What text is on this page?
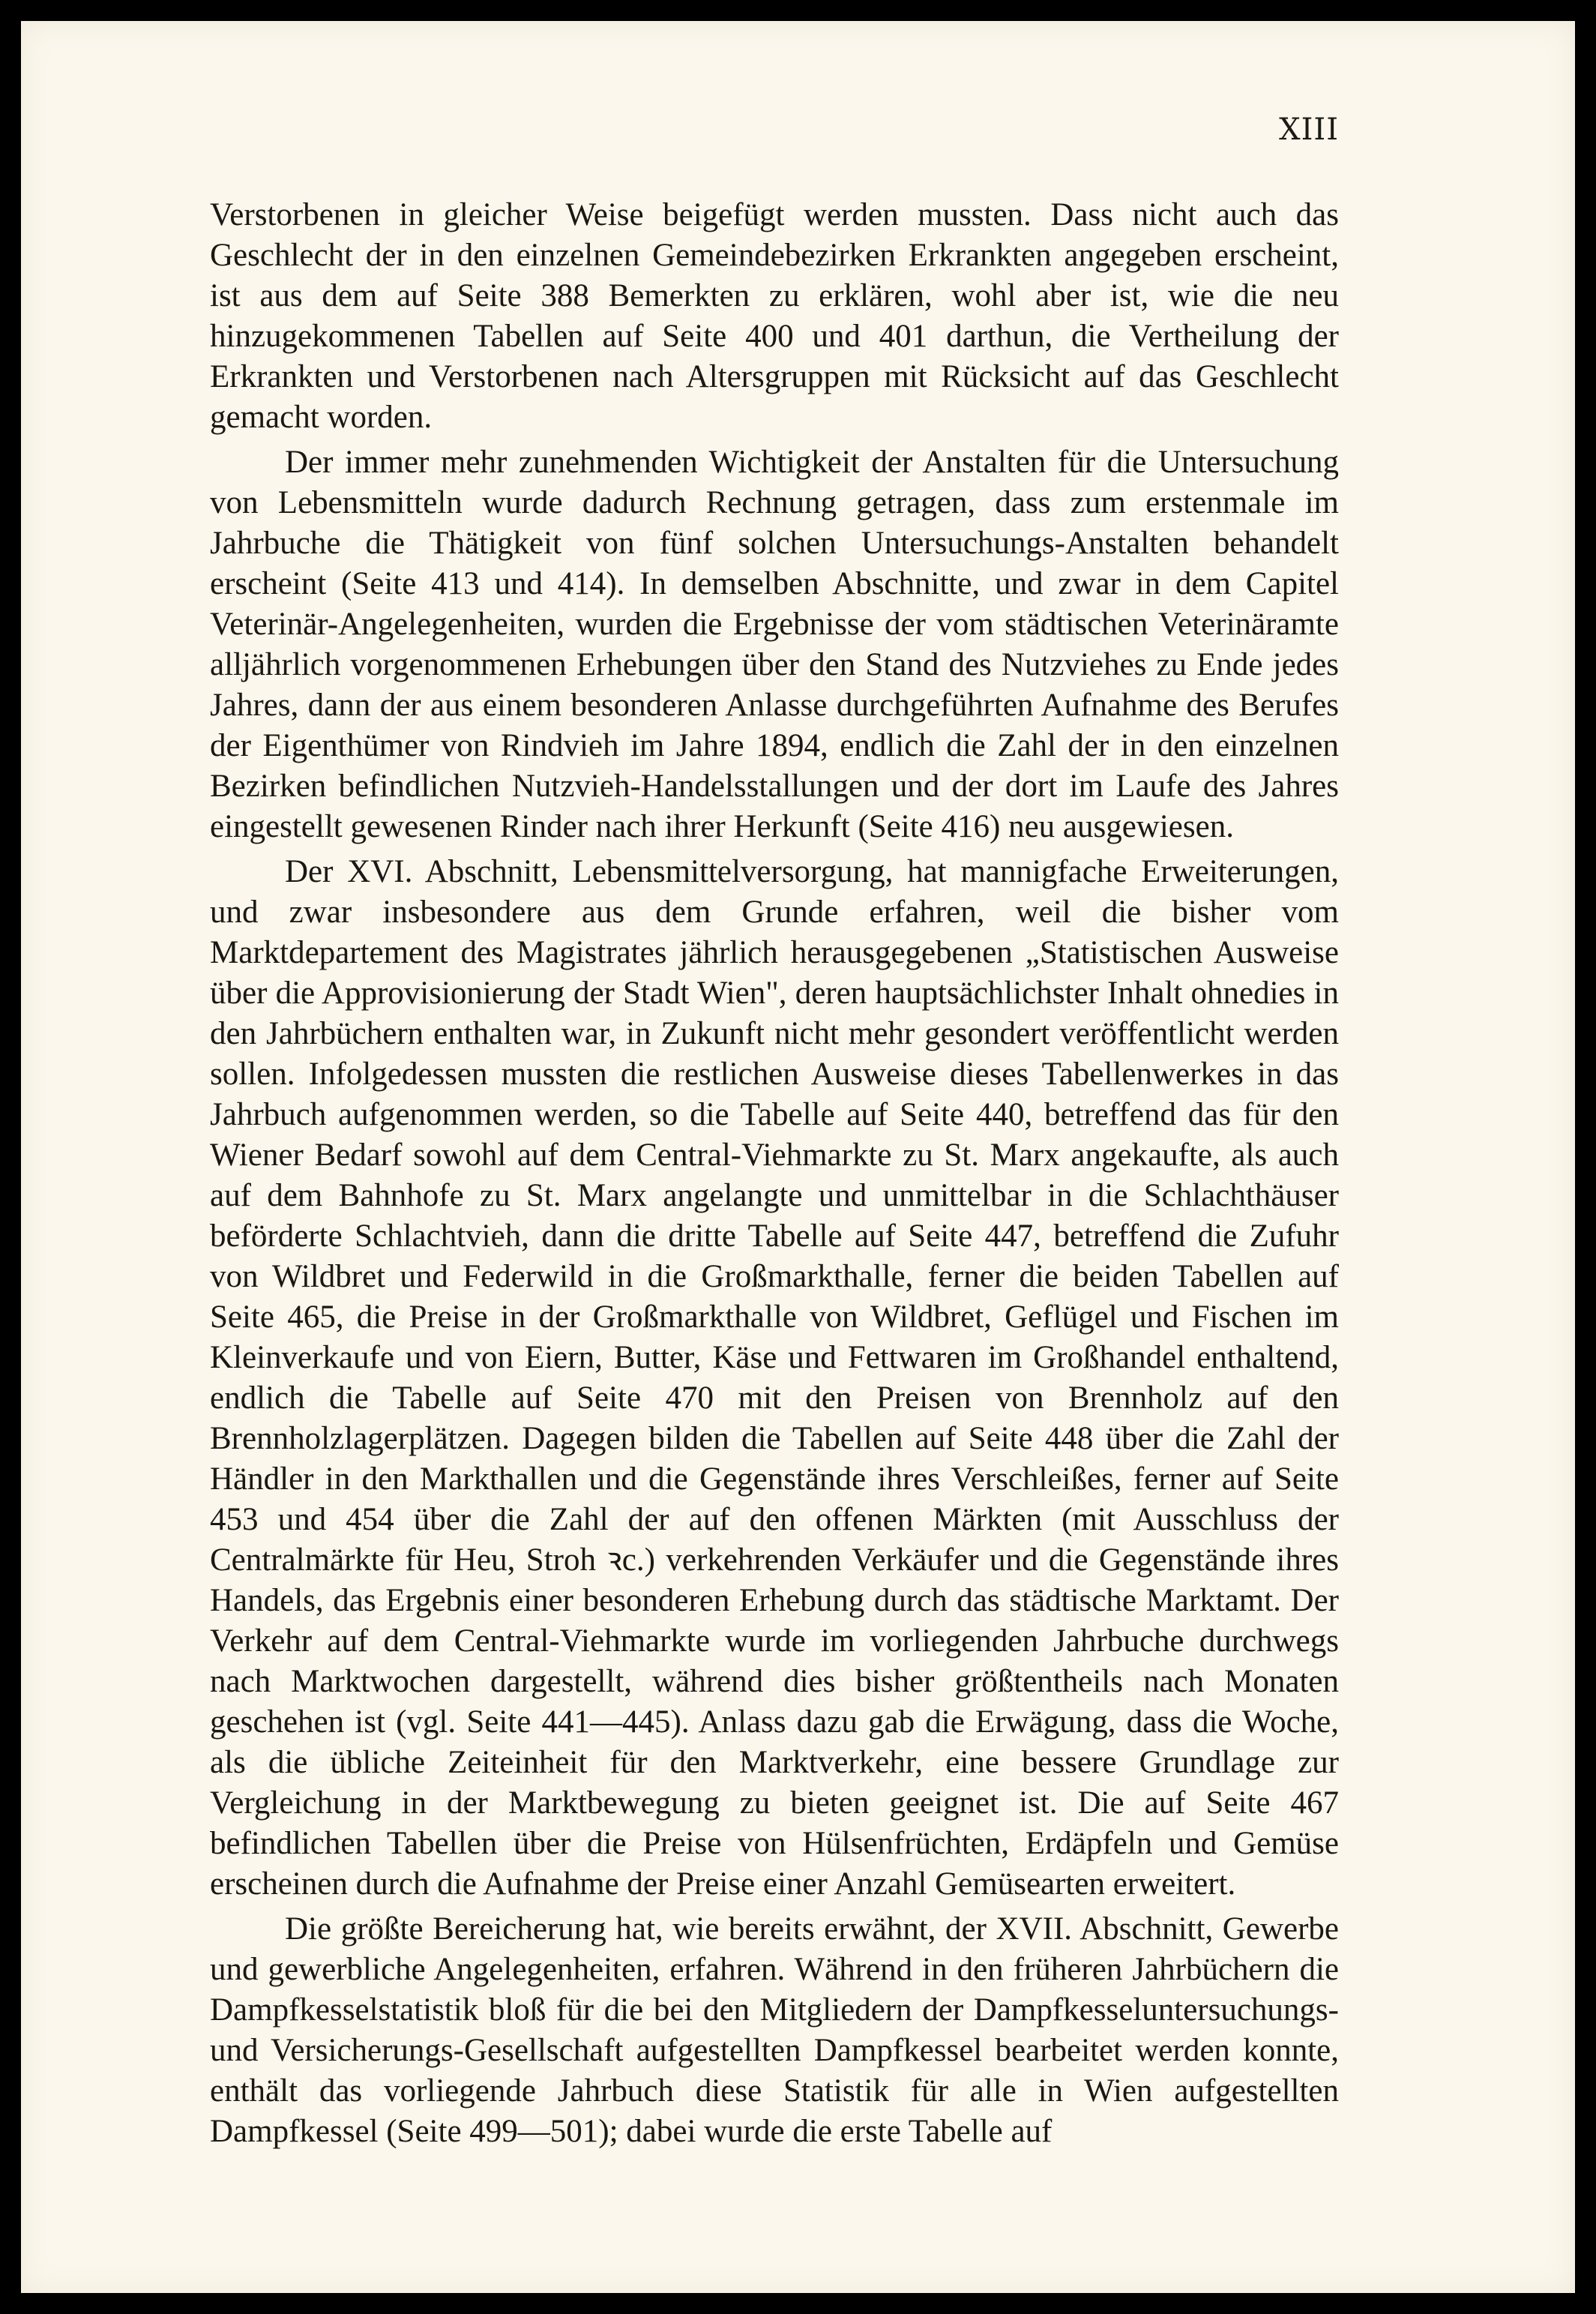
XIII

Verstorbenen in gleicher Weise beigefügt werden mussten. Dass nicht auch das Geschlecht der in den einzelnen Gemeindebezirken Erkrankten angegeben erscheint, ist aus dem auf Seite 388 Bemerkten zu erklären, wohl aber ist, wie die neu hinzugekommenen Tabellen auf Seite 400 und 401 darthun, die Vertheilung der Erkrankten und Verstorbenen nach Altersgruppen mit Rücksicht auf das Geschlecht gemacht worden.

Der immer mehr zunehmenden Wichtigkeit der Anstalten für die Untersuchung von Lebensmitteln wurde dadurch Rechnung getragen, dass zum erstenmale im Jahrbuche die Thätigkeit von fünf solchen Untersuchungs-Anstalten behandelt erscheint (Seite 413 und 414). In demselben Abschnitte, und zwar in dem Capitel Veterinär-Angelegenheiten, wurden die Ergebnisse der vom städtischen Veterinäramte alljährlich vorgenommenen Erhebungen über den Stand des Nutzviehes zu Ende jedes Jahres, dann der aus einem besonderen Anlasse durchgeführten Aufnahme des Berufes der Eigenthümer von Rindvieh im Jahre 1894, endlich die Zahl der in den einzelnen Bezirken befindlichen Nutzvieh-Handelsstallungen und der dort im Laufe des Jahres eingestellt gewesenen Rinder nach ihrer Herkunft (Seite 416) neu ausgewiesen.

Der XVI. Abschnitt, Lebensmittelversorgung, hat mannigfache Erweiterungen, und zwar insbesondere aus dem Grunde erfahren, weil die bisher vom Marktdepartement des Magistrates jährlich herausgegebenen „Statistischen Ausweise über die Approvisionierung der Stadt Wien", deren hauptsächlichster Inhalt ohnedies in den Jahrbüchern enthalten war, in Zukunft nicht mehr gesondert veröffentlicht werden sollen. Infolgedessen mussten die restlichen Ausweise dieses Tabellenwerkes in das Jahrbuch aufgenommen werden, so die Tabelle auf Seite 440, betreffend das für den Wiener Bedarf sowohl auf dem Central-Viehmarkte zu St. Marx angekaufte, als auch auf dem Bahnhofe zu St. Marx angelangte und unmittelbar in die Schlachthäuser beförderte Schlachtvieh, dann die dritte Tabelle auf Seite 447, betreffend die Zufuhr von Wildbret und Federwild in die Großmarkthalle, ferner die beiden Tabellen auf Seite 465, die Preise in der Großmarkthalle von Wildbret, Geflügel und Fischen im Kleinverkaufe und von Eiern, Butter, Käse und Fettwaren im Großhandel enthaltend, endlich die Tabelle auf Seite 470 mit den Preisen von Brennholz auf den Brennholzlagerplätzen. Dagegen bilden die Tabellen auf Seite 448 über die Zahl der Händler in den Markthallen und die Gegenstände ihres Verschleißes, ferner auf Seite 453 und 454 über die Zahl der auf den offenen Märkten (mit Ausschluss der Centralmärkte für Heu, Stroh ꝛc.) verkehrenden Verkäufer und die Gegenstände ihres Handels, das Ergebnis einer besonderen Erhebung durch das städtische Marktamt. Der Verkehr auf dem Central-Viehmarkte wurde im vorliegenden Jahrbuche durchwegs nach Marktwochen dargestellt, während dies bisher größtentheils nach Monaten geschehen ist (vgl. Seite 441—445). Anlass dazu gab die Erwägung, dass die Woche, als die übliche Zeiteinheit für den Marktverkehr, eine bessere Grundlage zur Vergleichung in der Marktbewegung zu bieten geeignet ist. Die auf Seite 467 befindlichen Tabellen über die Preise von Hülsenfrüchten, Erdäpfeln und Gemüse erscheinen durch die Aufnahme der Preise einer Anzahl Gemüsearten erweitert.

Die größte Bereicherung hat, wie bereits erwähnt, der XVII. Abschnitt, Gewerbe und gewerbliche Angelegenheiten, erfahren. Während in den früheren Jahrbüchern die Dampfkesselstatistik bloß für die bei den Mitgliedern der Dampfkesseluntersuchungs- und Versicherungs-Gesellschaft aufgestellten Dampfkessel bearbeitet werden konnte, enthält das vorliegende Jahrbuch diese Statistik für alle in Wien aufgestellten Dampfkessel (Seite 499—501); dabei wurde die erste Tabelle auf
